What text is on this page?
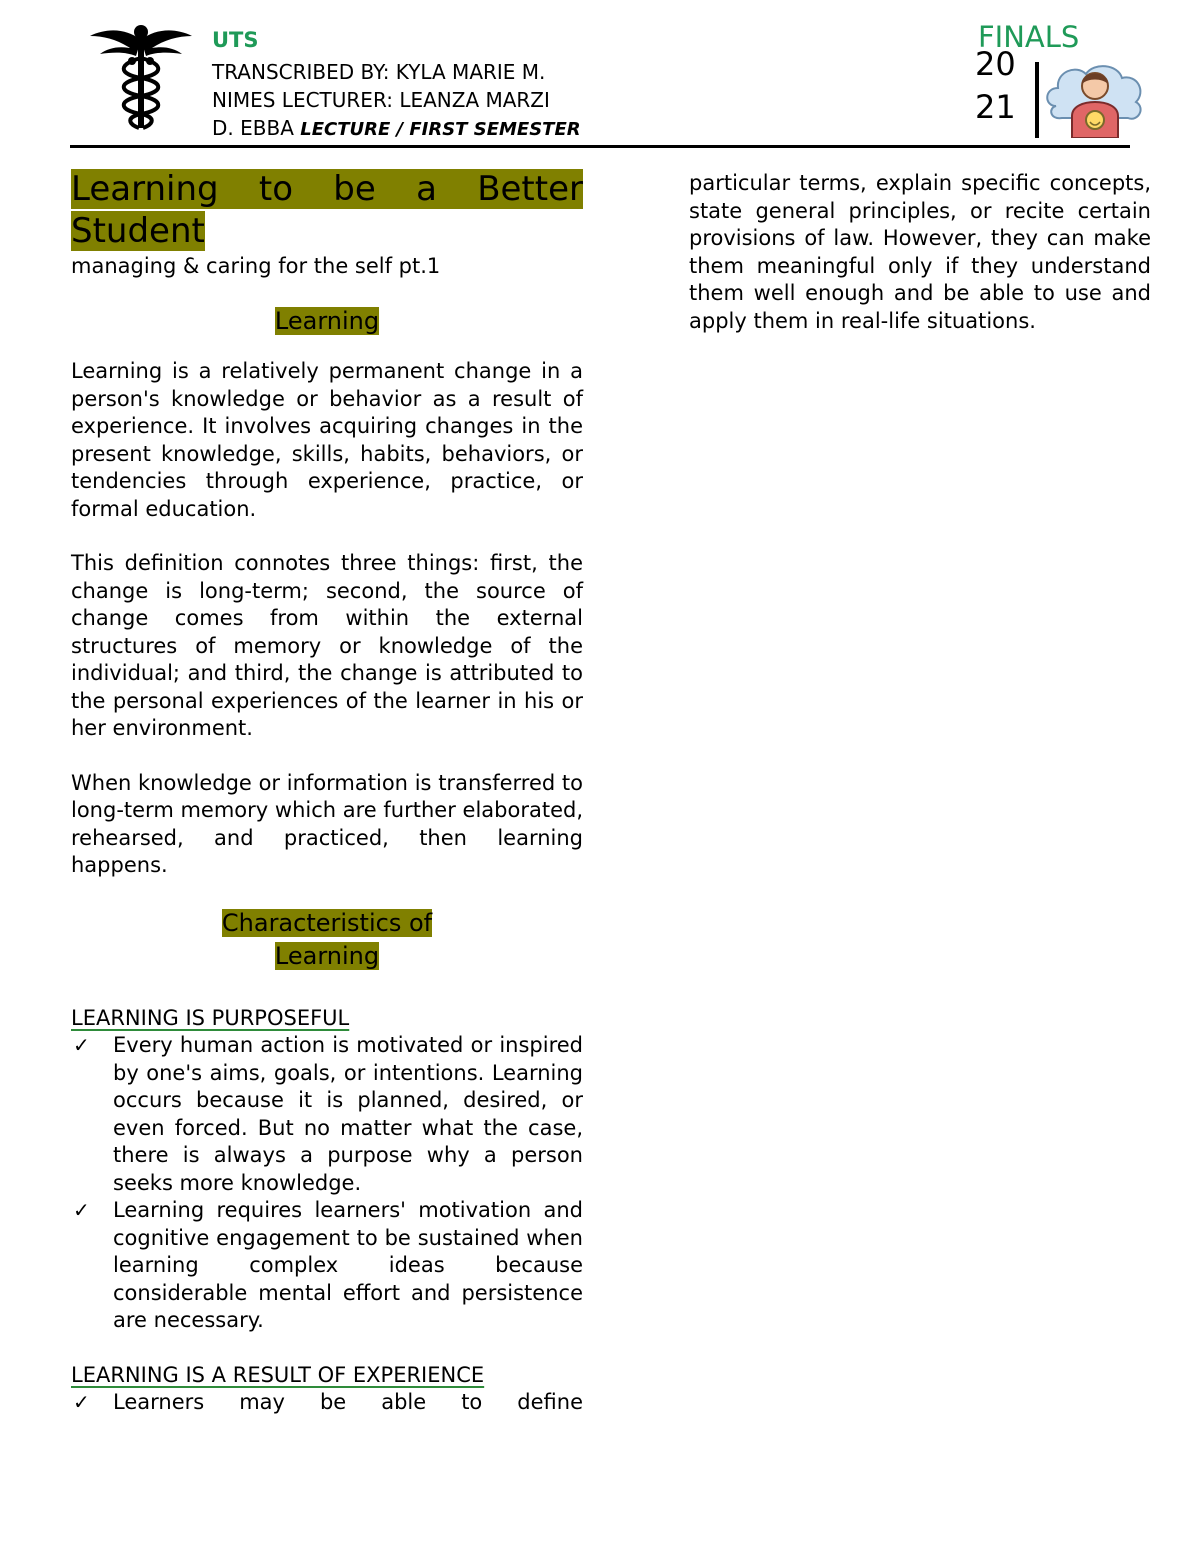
UTS
TRANSCRIBED BY: KYLA MARIE M.
NIMES LECTURER: LEANZA MARZI
D. EBBA LECTURE / FIRST SEMESTER
FINALS
20
21

Learning to be a Better

Student

managing & caring for the self pt.1

Learning

Learning is a relatively permanent change in a person's knowledge or behavior as a result of experience. It involves acquiring changes in the present knowledge, skills, habits, behaviors, or tendencies through experience, practice, or formal education.

This definition connotes three things: first, the change is long-term; second, the source of change comes from within the external structures of memory or knowledge of the individual; and third, the change is attributed to the personal experiences of the learner in his or her environment.

When knowledge or information is transferred to long-term memory which are further elaborated, rehearsed, and practiced, then learning happens.

Characteristics of
Learning

LEARNING IS PURPOSEFUL

✓ Every human action is motivated or inspired by one's aims, goals, or intentions. Learning occurs because it is planned, desired, or even forced. But no matter what the case, there is always a purpose why a person seeks more knowledge.
✓ Learning requires learners' motivation and cognitive engagement to be sustained when learning complex ideas because considerable mental effort and persistence are necessary.

LEARNING IS A RESULT OF EXPERIENCE

✓ Learners may be able to define

particular terms, explain specific concepts, state general principles, or recite certain provisions of law. However, they can make them meaningful only if they understand them well enough and be able to use and apply them in real-life situations.
